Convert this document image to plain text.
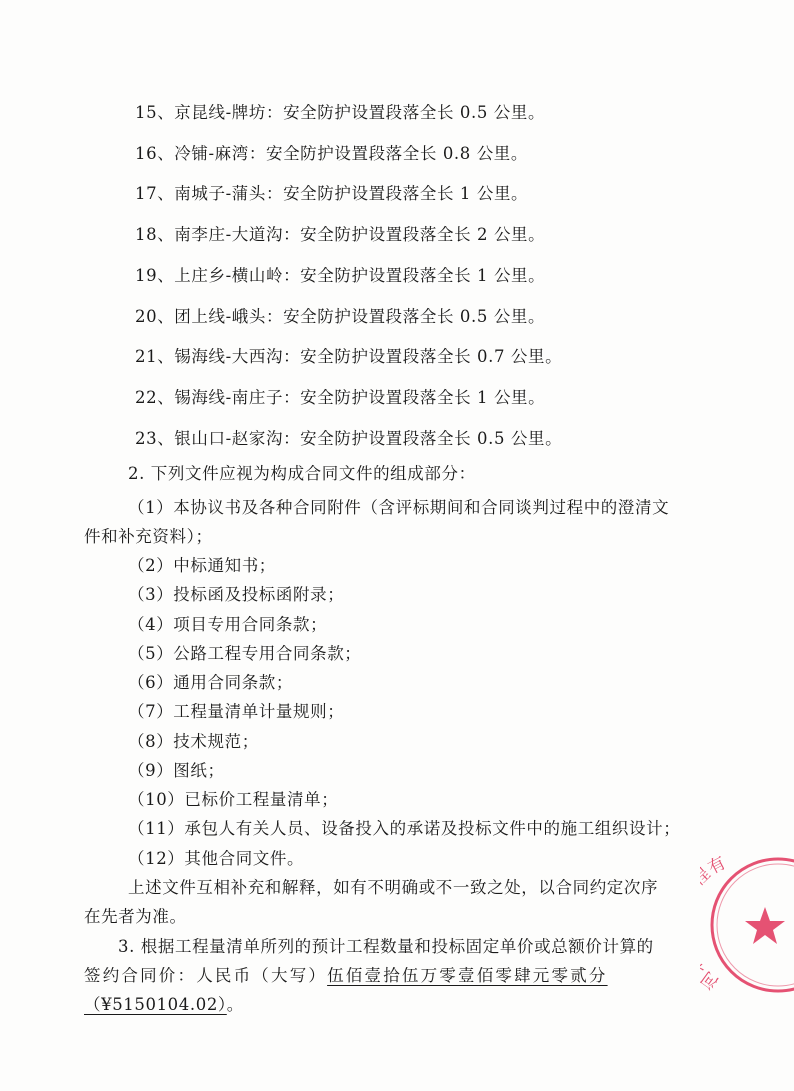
15、京昆线-牌坊：安全防护设置段落全长 0.5 公里。
16、冷铺-麻湾：安全防护设置段落全长 0.8 公里。
17、南城子-蒲头：安全防护设置段落全长 1 公里。
18、南李庄-大道沟：安全防护设置段落全长 2 公里。
19、上庄乡-横山岭：安全防护设置段落全长 1 公里。
20、团上线-峨头：安全防护设置段落全长 0.5 公里。
21、锡海线-大西沟：安全防护设置段落全长 0.7 公里。
22、锡海线-南庄子：安全防护设置段落全长 1 公里。
23、银山口-赵家沟：安全防护设置段落全长 0.5 公里。
2. 下列文件应视为构成合同文件的组成部分：
（1）本协议书及各种合同附件（含评标期间和合同谈判过程中的澄清文
件和补充资料）；
（2）中标通知书；
（3）投标函及投标函附录；
（4）项目专用合同条款；
（5）公路工程专用合同条款；
（6）通用合同条款；
（7）工程量清单计量规则；
（8）技术规范；
（9）图纸；
（10）已标价工程量清单；
（11）承包人有关人员、设备投入的承诺及投标文件中的施工组织设计；
（12）其他合同文件。
上述文件互相补充和解释，如有不明确或不一致之处，以合同约定次序
在先者为准。
3. 根据工程量清单所列的预计工程数量和投标固定单价或总额价计算的
签约合同价：人民币（大写）伍佰壹拾伍万零壹佰零肆元零贰分
（¥5150104.02）。
有
